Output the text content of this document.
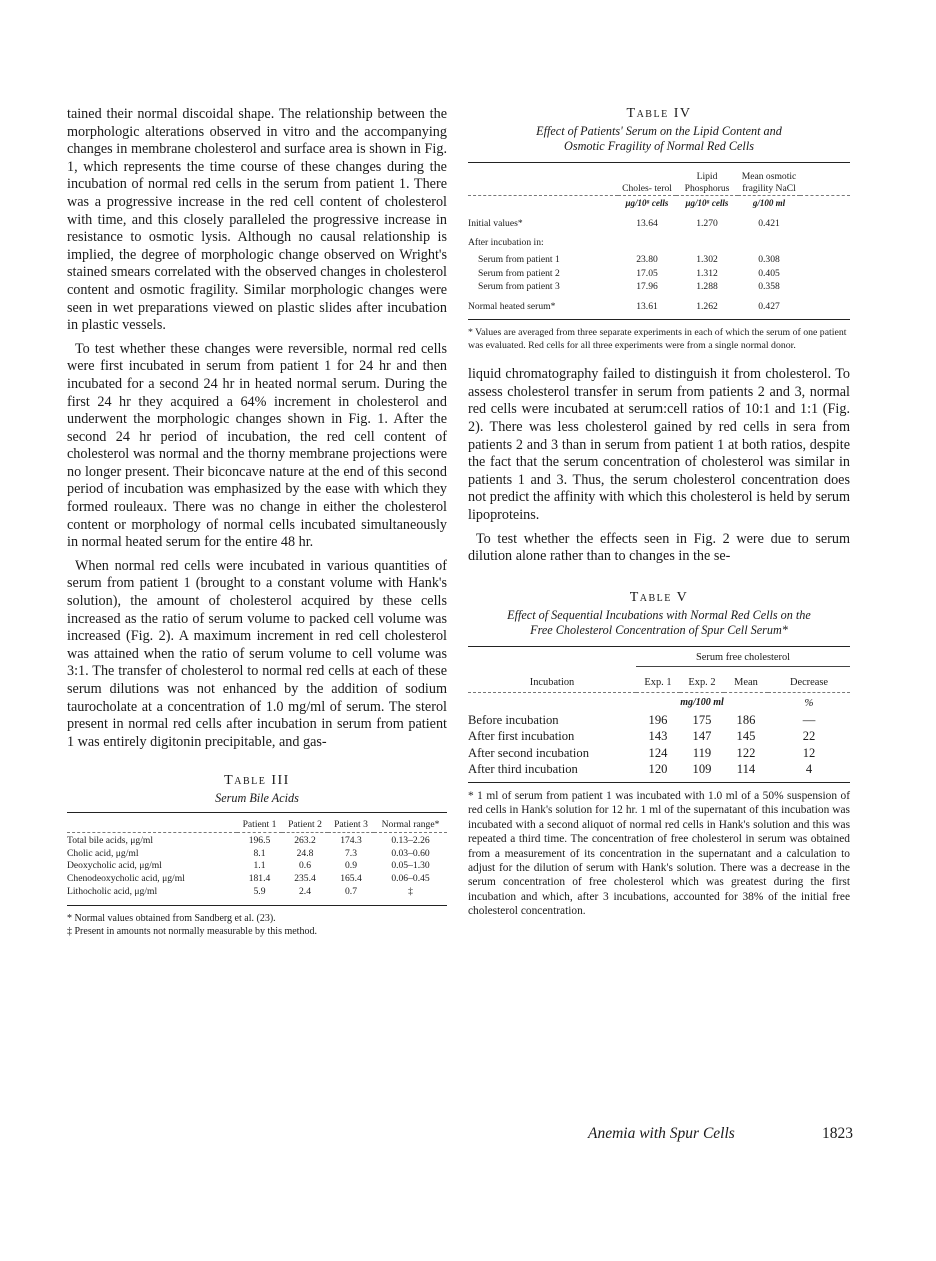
tained their normal discoidal shape. The relationship between the morphologic alterations observed in vitro and the accompanying changes in membrane cholesterol and surface area is shown in Fig. 1, which represents the time course of these changes during the incubation of normal red cells in the serum from patient 1. There was a progressive increase in the red cell content of cholesterol with time, and this closely paralleled the progressive increase in resistance to osmotic lysis. Although no causal relationship is implied, the degree of morphologic change observed on Wright's stained smears correlated with the observed changes in cholesterol content and osmotic fragility. Similar morphologic changes were seen in wet preparations viewed on plastic slides after incubation in plastic vessels.

To test whether these changes were reversible, normal red cells were first incubated in serum from patient 1 for 24 hr and then incubated for a second 24 hr in heated normal serum. During the first 24 hr they acquired a 64% increment in cholesterol and underwent the morphologic changes shown in Fig. 1. After the second 24 hr period of incubation, the red cell content of cholesterol was normal and the thorny membrane projections were no longer present. Their biconcave nature at the end of this second period of incubation was emphasized by the ease with which they formed rouleaux. There was no change in either the cholesterol content or morphology of normal cells incubated simultaneously in normal heated serum for the entire 48 hr.

When normal red cells were incubated in various quantities of serum from patient 1 (brought to a constant volume with Hank's solution), the amount of cholesterol acquired by these cells increased as the ratio of serum volume to packed cell volume was increased (Fig. 2). A maximum increment in red cell cholesterol was attained when the ratio of serum volume to cell volume was 3:1. The transfer of cholesterol to normal red cells at each of these serum dilutions was not enhanced by the addition of sodium taurocholate at a concentration of 1.0 mg/ml of serum. The sterol present in normal red cells after incubation in serum from patient 1 was entirely digitonin precipitable, and gas-

Table III

Serum Bile Acids

	Patient 1	Patient 2	Patient 3	Normal range*

Total bile acids, μg/ml	196.5	263.2	174.3	0.13–2.26
Cholic acid, μg/ml	8.1	24.8	7.3	0.03–0.60
Deoxycholic acid, μg/ml	1.1	0.6	0.9	0.05–1.30
Chenodeoxycholic acid, μg/ml	181.4	235.4	165.4	0.06–0.45
Lithocholic acid, μg/ml	5.9	2.4	0.7	‡

* Normal values obtained from Sandberg et al. (23).

‡ Present in amounts not normally measurable by this method.

Table IV

Effect of Patients' Serum on the Lipid Content and
Osmotic Fragility of Normal Red Cells

	Choles- terol	Lipid Phosphorus	Mean osmotic fragility NaCl	

	μg/10⁸ cells	μg/10⁸ cells	g/100 ml	
Initial values*	13.64	1.270	0.421	
After incubation in:				
Serum from patient 1	23.80	1.302	0.308	
Serum from patient 2	17.05	1.312	0.405	
Serum from patient 3	17.96	1.288	0.358	
Normal heated serum*	13.61	1.262	0.427	

* Values are averaged from three separate experiments in each of which the serum of one patient was evaluated. Red cells for all three experiments were from a single normal donor.

liquid chromatography failed to distinguish it from cholesterol. To assess cholesterol transfer in serum from patients 2 and 3, normal red cells were incubated at serum:cell ratios of 10:1 and 1:1 (Fig. 2). There was less cholesterol gained by red cells in sera from patients 2 and 3 than in serum from patient 1 at both ratios, despite the fact that the serum concentration of cholesterol was similar in patients 1 and 3. Thus, the serum cholesterol concentration does not predict the affinity with which this cholesterol is held by serum lipoproteins.

To test whether the effects seen in Fig. 2 were due to serum dilution alone rather than to changes in the se-

Table V

Effect of Sequential Incubations with Normal Red Cells on the
Free Cholesterol Concentration of Spur Cell Serum*

	Serum free cholesterol			
Incubation	Exp. 1	Exp. 2	Mean	Decrease

	mg/100 ml			%
Before incubation	196	175	186	—
After first incubation	143	147	145	22
After second incubation	124	119	122	12
After third incubation	120	109	114	4

* 1 ml of serum from patient 1 was incubated with 1.0 ml of a 50% suspension of red cells in Hank's solution for 12 hr. 1 ml of the supernatant of this incubation was incubated with a second aliquot of normal red cells in Hank's solution and this was repeated a third time. The concentration of free cholesterol in serum was obtained from a measurement of its concentration in the supernatant and a calculation to adjust for the dilution of serum with Hank's solution. There was a decrease in the serum concentration of free cholesterol which was greatest during the first incubation and which, after 3 incubations, accounted for 38% of the initial free cholesterol concentration.

Anemia with Spur Cells	1823
